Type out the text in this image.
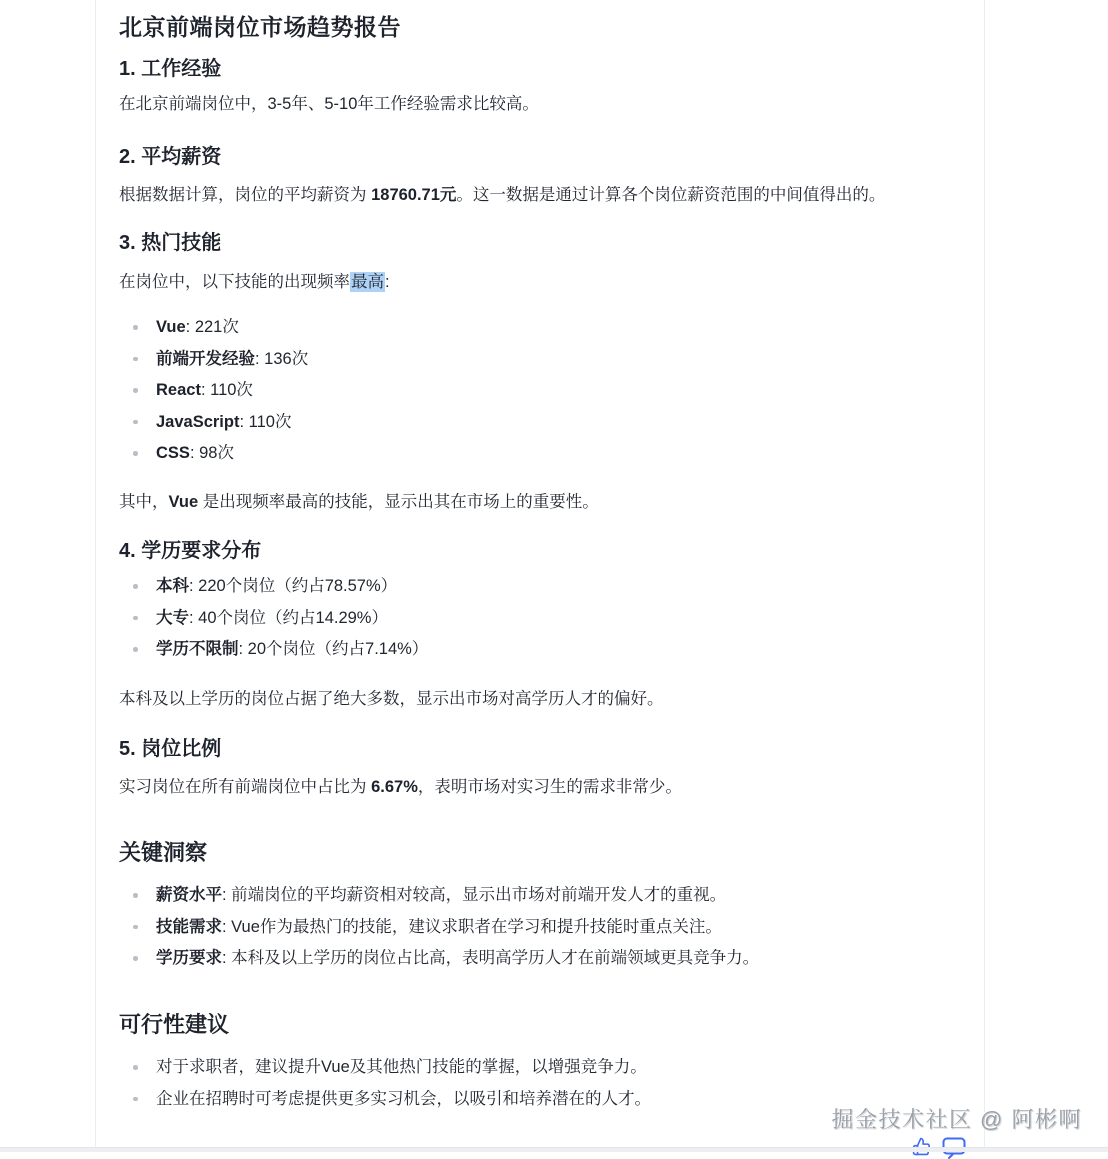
北京前端岗位市场趋势报告
1. 工作经验

在北京前端岗位中，3-5年、5-10年工作经验需求比较高。

2. 平均薪资

根据数据计算，岗位的平均薪资为 18760.71元。这一数据是通过计算各个岗位薪资范围的中间值得出的。

3. 热门技能

在岗位中，以下技能的出现频率最高:

Vue: 221次
前端开发经验: 136次
React: 110次
JavaScript: 110次
CSS: 98次

其中，Vue 是出现频率最高的技能，显示出其在市场上的重要性。

4. 学历要求分布
本科: 220个岗位（约占78.57%）
大专: 40个岗位（约占14.29%）
学历不限制: 20个岗位（约占7.14%）

本科及以上学历的岗位占据了绝大多数，显示出市场对高学历人才的偏好。

5. 岗位比例

实习岗位在所有前端岗位中占比为 6.67%，表明市场对实习生的需求非常少。

关键洞察
薪资水平: 前端岗位的平均薪资相对较高，显示出市场对前端开发人才的重视。
技能需求: Vue作为最热门的技能，建议求职者在学习和提升技能时重点关注。
学历要求: 本科及以上学历的岗位占比高，表明高学历人才在前端领域更具竞争力。
可行性建议
对于求职者，建议提升Vue及其他热门技能的掌握，以增强竞争力。
企业在招聘时可考虑提供更多实习机会，以吸引和培养潜在的人才。
掘金技术社区 @ 阿彬啊
